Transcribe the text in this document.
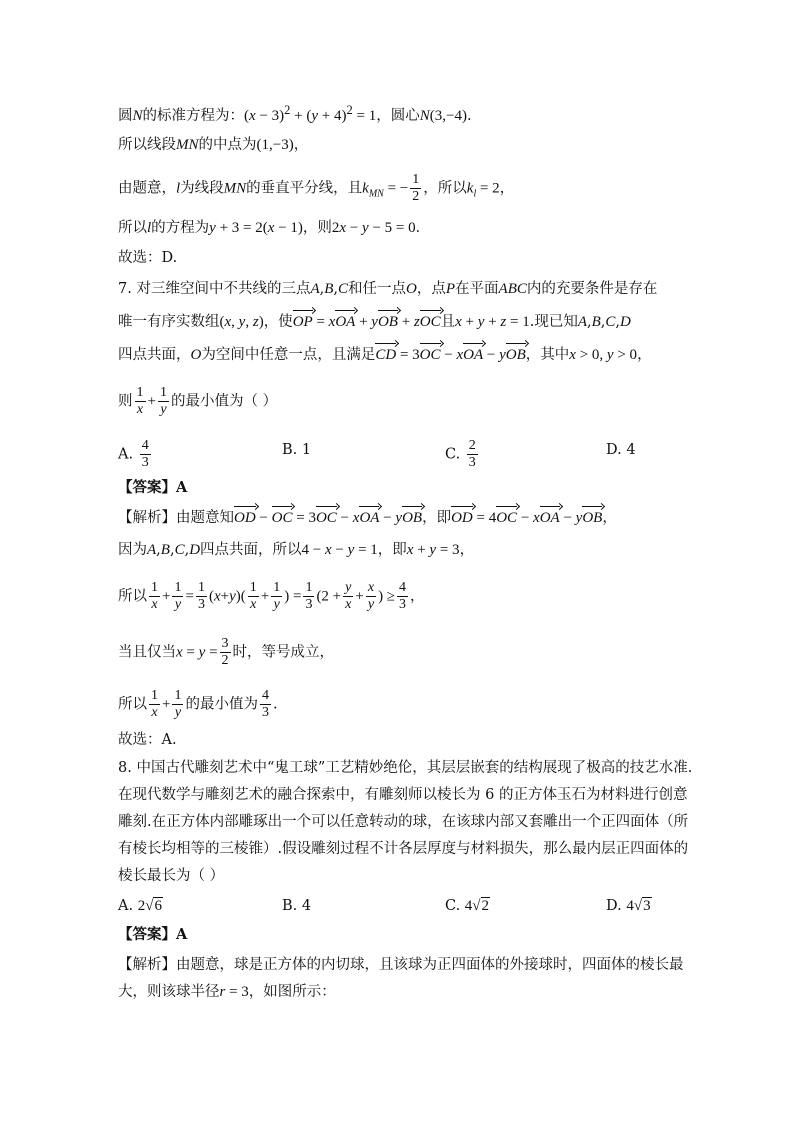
圆N的标准方程为：$(x - 3)^2 + (y + 4)^2 = 1$，圆心N(3,−4).
所以线段MN的中点为(1,−3)，
由题意，l为线段MN的垂直平分线，且$k_{MN}$ = − $\frac{1}{2}$ ，所以$k_l = 2$，
所以l的方程为y + 3 = 2(x − 1)，则2x − y − 5 = 0．
故选：D.
7. 对三维空间中不共线的三点A,B,C和任一点O，点P在平面ABC内的充要条件是存在
唯一有序实数组(x, y, z)，使OP = xOA + yOB + zOC且x + y + z = 1.现已知A,B,C,D
四点共面，O为空间中任意一点，且满足CD = 3OC − xOA − yOB，其中x > 0, y > 0，
则 $\frac{1}{x} + \frac{1}{y}$ 的最小值为（ ）
A. $\frac{4}{3}$	B. 1	C. $\frac{2}{3}$	D. 4
【答案】A
【解析】由题意知OD − OC = 3OC − xOA − yOB，即OD = 4OC − xOA − yOB，
因为A,B,C,D四点共面，所以4 − x − y = 1，即x + y = 3，
所以 $\frac{1}{x} + \frac{1}{y} = \frac{1}{3} (x+y)( \frac{1}{x} + \frac{1}{y}$ ) = $\frac{1}{3} (2 + \frac{y}{x} + \frac{x}{y}$ ) ≥ $\frac{4}{3}$ ，
当且仅当$x = y = \frac{3}{2}$ 时，等号成立，
所以 $\frac{1}{x} + \frac{1}{y}$ 的最小值为 $\frac{4}{3}$ .
故选：A.
8. 中国古代雕刻艺术中“鬼工球”工艺精妙绝伦，其层层嵌套的结构展现了极高的技艺水准.
在现代数学与雕刻艺术的融合探索中，有雕刻师以棱长为 6 的正方体玉石为材料进行创意
雕刻.在正方体内部雕琢出一个可以任意转动的球，在该球内部又套雕出一个正四面体（所
有棱长均相等的三棱锥）.假设雕刻过程不计各层厚度与材料损失，那么最内层正四面体的
棱长最长为（ ）
A. 2√6	B. 4	C. 4√2	D. 4√3
【答案】A
【解析】由题意，球是正方体的内切球，且该球为正四面体的外接球时，四面体的棱长最
大，则该球半径r = 3，如图所示：
